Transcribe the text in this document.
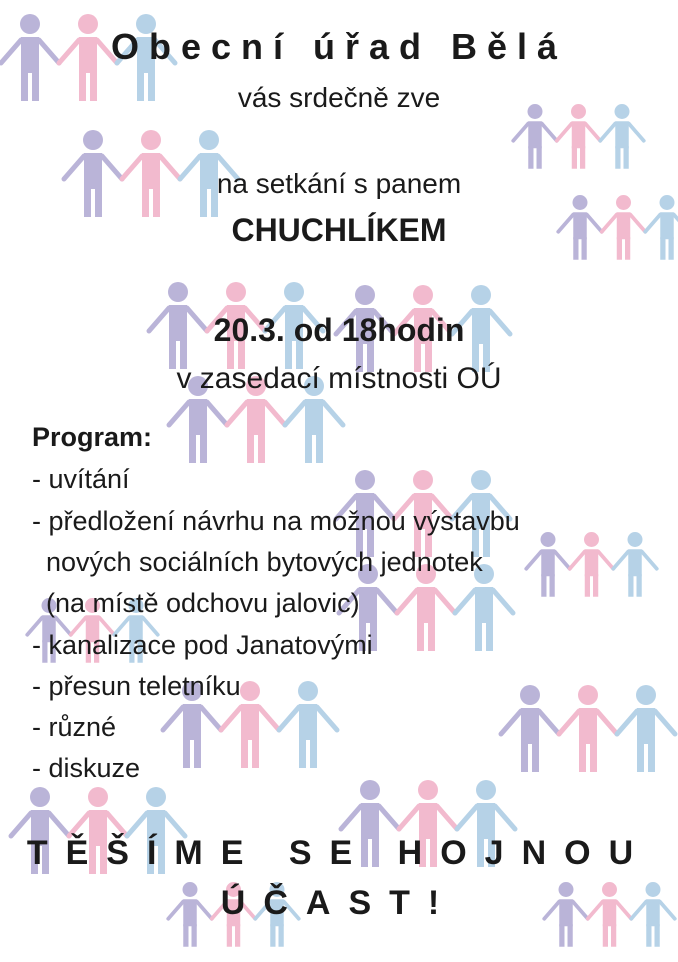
Obecní úřad Bělá
vás srdečně zve
na setkání s panem
CHUCHLÍKEM
20.3. od 18hodin
v zasedací místnosti OÚ
Program:
- uvítání
- předložení návrhu na možnou výstavbu
nových sociálních bytových jednotek
(na místě odchovu jalovic)
- kanalizace pod Janatovými
- přesun teletníku
- různé
- diskuze
TĚŠÍME SE HOJNOU
ÚČAST!
